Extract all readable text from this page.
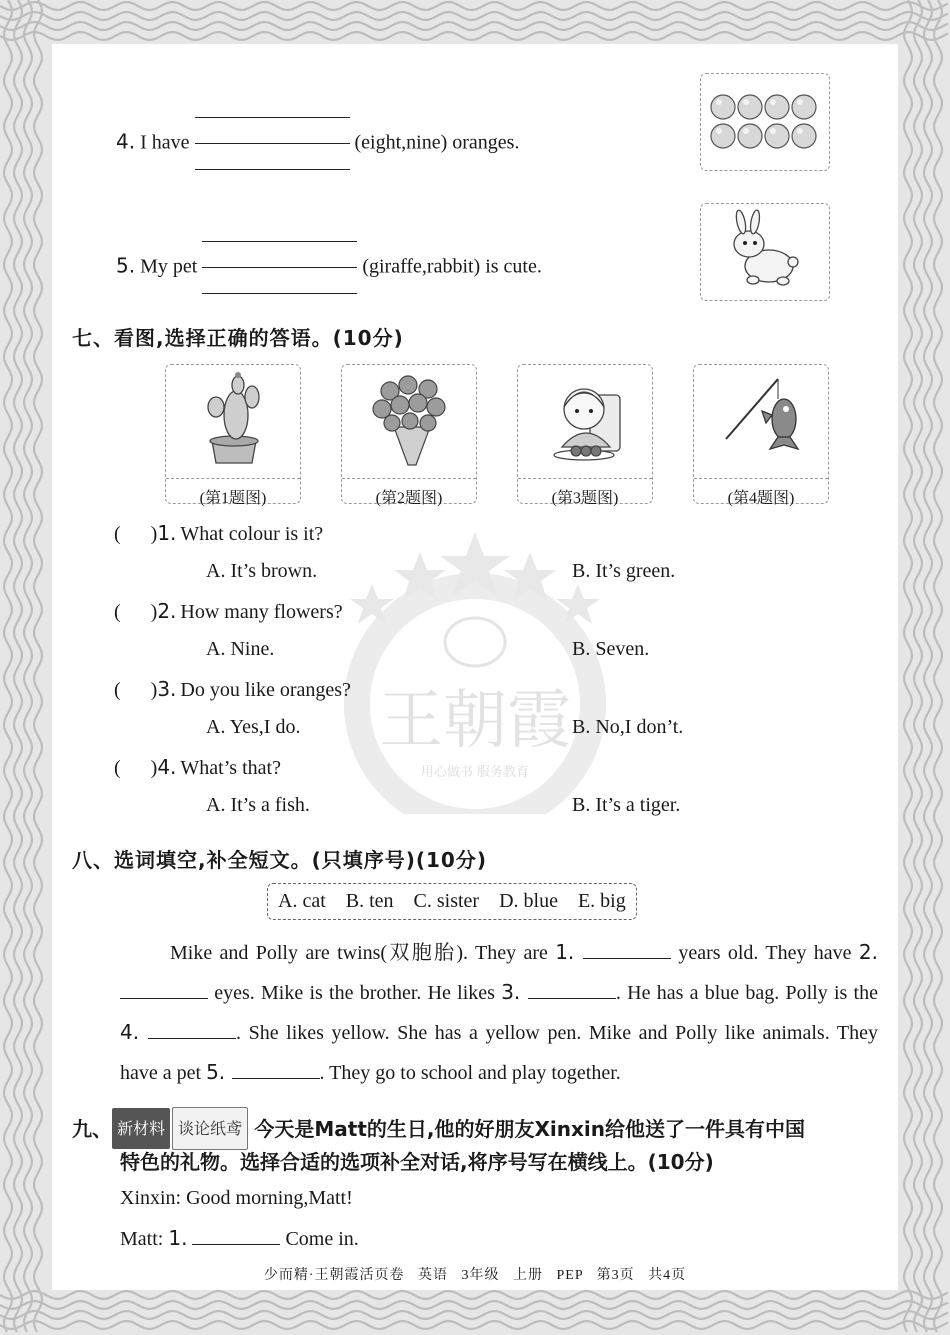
王朝霞
用心做书 服务教育
4. I have	(eight,nine) oranges.
5. My pet	(giraffe,rabbit) is cute.
七、看图,选择正确的答语。(10分)
(第1题图)	(第2题图)	(第3题图)	(第4题图)
(      )1. What colour is it?
A. It’s brown.	B. It’s green.
(      )2. How many flowers?
A. Nine.	B. Seven.
(      )3. Do you like oranges?
A. Yes,I do.	B. No,I don’t.
(      )4. What’s that?
A. It’s a fish.	B. It’s a tiger.
八、选词填空,补全短文。(只填序号)(10分)
A. cat    B. ten    C. sister    D. blue    E. big
Mike and Polly are twins(双胞胎). They are 1.	years old. They have 2.  eyes. Mike is the brother. He likes 3.	. He has a blue bag. Polly is the 4.	. She likes yellow. She has a yellow pen. Mike and Polly like animals. They have a pet 5.	. They go to school and play together.
九、 新材料 谈论纸鸢 今天是Matt的生日,他的好朋友Xinxin给他送了一件具有中国
特色的礼物。选择合适的选项补全对话,将序号写在横线上。(10分)
Xinxin: Good morning,Matt!
Matt: 1.	Come in.
少而精·王朝霞活页卷   英语   3年级   上册   PEP   第3页   共4页
